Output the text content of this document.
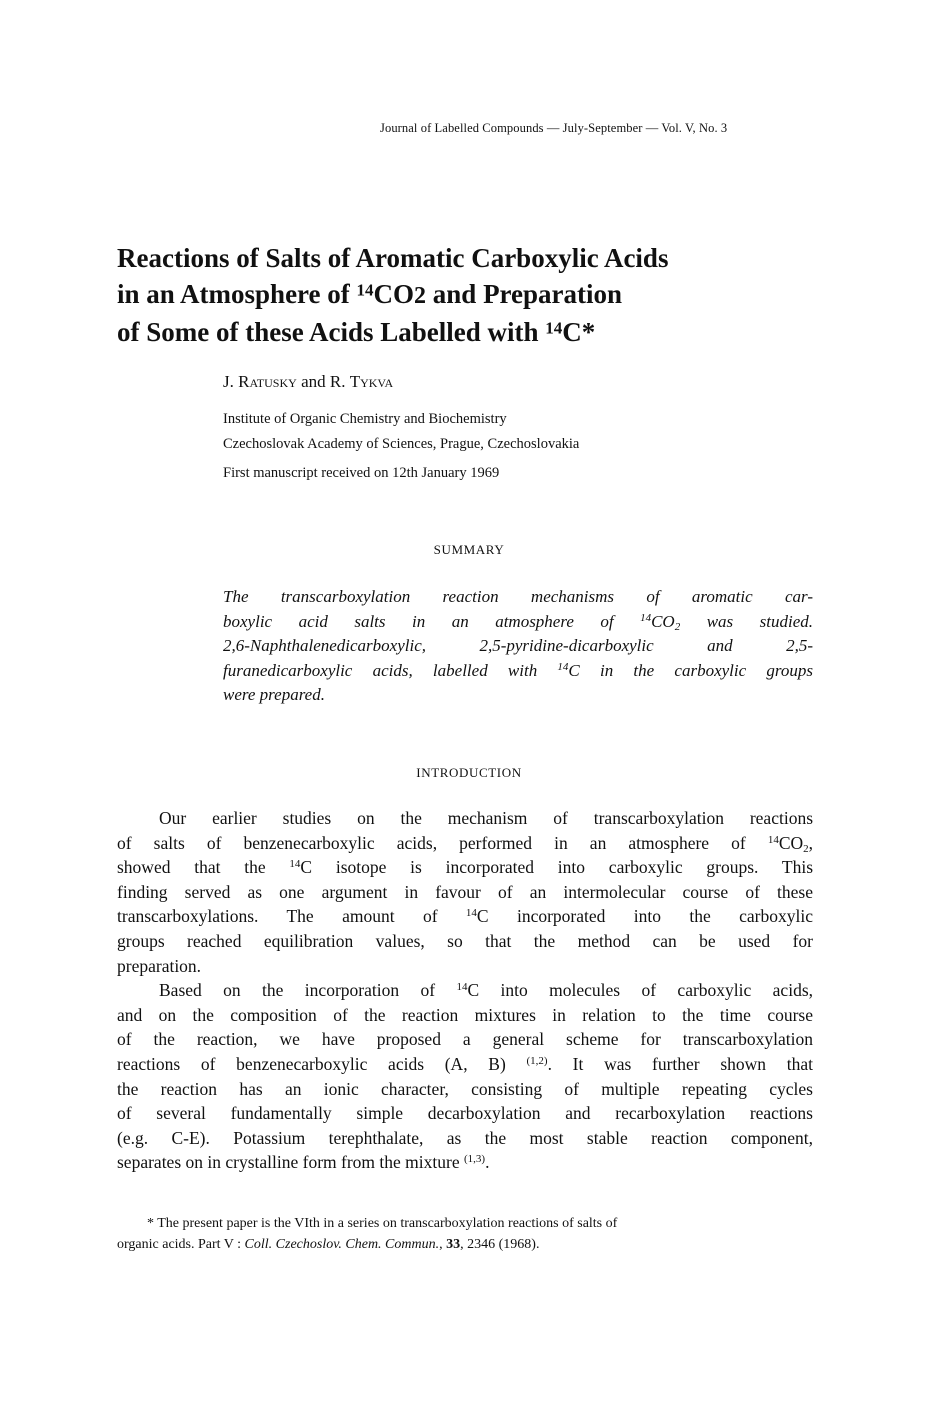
Journal of Labelled Compounds — July-September — Vol. V, No. 3
Reactions of Salts of Aromatic Carboxylic Acids
in an Atmosphere of $^{14}$CO2 and Preparation
of Some of these Acids Labelled with $^{14}$C*
J. Ratusky and R. Tykva
Institute of Organic Chemistry and Biochemistry
Czechoslovak Academy of Sciences, Prague, Czechoslovakia
First manuscript received on 12th January 1969
SUMMARY
The transcarboxylation reaction mechanisms of aromatic car-
boxylic acid salts in an atmosphere of $^{14}CO_2$ was studied.
2,6-Naphthalenedicarboxylic, 2,5-pyridine-dicarboxylic and 2,5-
furanedicarboxylic acids, labelled with $^{14}$C in the carboxylic groups
were prepared.
INTRODUCTION
Our earlier studies on the mechanism of transcarboxylation reactions
of salts of benzenecarboxylic acids, performed in an atmosphere of $^{14}CO_2$,
showed that the $^{14}$C isotope is incorporated into carboxylic groups. This
finding served as one argument in favour of an intermolecular course of these
transcarboxylations. The amount of $^{14}$C incorporated into the carboxylic
groups reached equilibration values, so that the method can be used for
preparation.
Based on the incorporation of $^{14}$C into molecules of carboxylic acids,
and on the composition of the reaction mixtures in relation to the time course
of the reaction, we have proposed a general scheme for transcarboxylation
reactions of benzenecarboxylic acids (A, B) $^{(1,2)}$. It was further shown that
the reaction has an ionic character, consisting of multiple repeating cycles
of several fundamentally simple decarboxylation and recarboxylation reactions
(e.g. C-E). Potassium terephthalate, as the most stable reaction component,
separates on in crystalline form from the mixture $^{(1,3)}$.
* The present paper is the VIth in a series on transcarboxylation reactions of salts of
organic acids. Part V : Coll. Czechoslov. Chem. Commun., 33, 2346 (1968).
